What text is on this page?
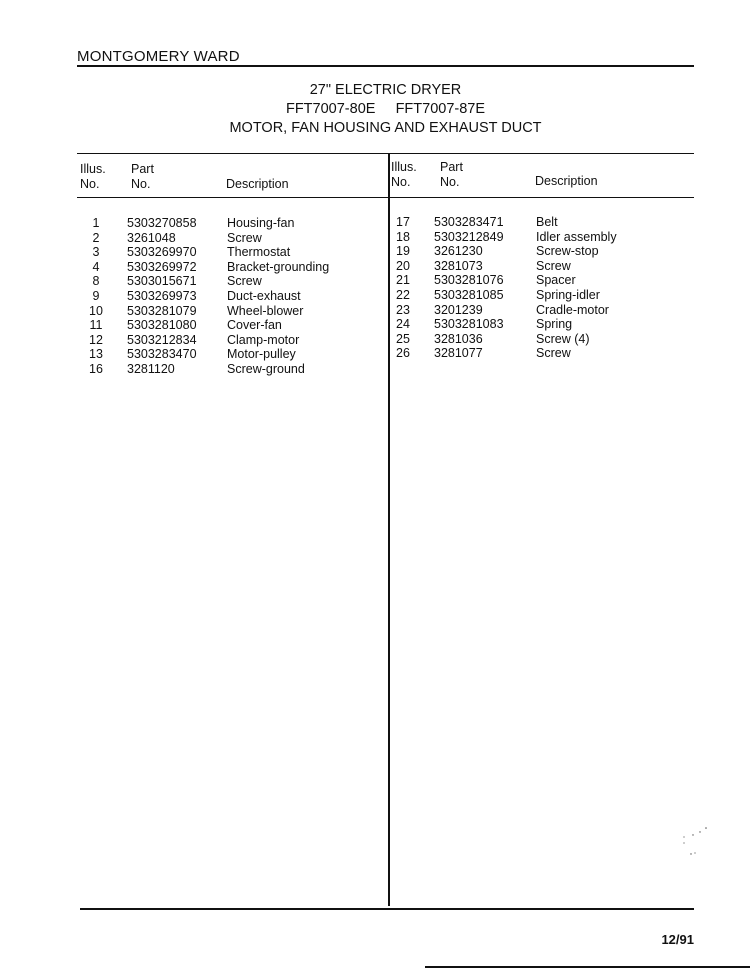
MONTGOMERY WARD
27" ELECTRIC DRYER
FFT7007-80E     FFT7007-87E
MOTOR, FAN HOUSING AND EXHAUST DUCT
Illus.
No.
Part
No.	Description
Illus.
No.
Part
No.	Description
1	5303270858 Housing-fan
2	3261048	Screw
3	5303269970 Thermostat
4	5303269972 Bracket-grounding
8	5303015671 Screw
9	5303269973 Duct-exhaust
10	5303281079 Wheel-blower
11	5303281080 Cover-fan
12	5303212834 Clamp-motor
13	5303283470 Motor-pulley
16	3281120	Screw-ground
17	5303283471	Belt
18	5303212849	Idler assembly
19	3261230	Screw-stop
20	3281073	Screw
21	5303281076	Spacer
22	5303281085	Spring-idler
23	3201239	Cradle-motor
24	5303281083	Spring
25	3281036	Screw (4)
26	3281077	Screw
12/91
